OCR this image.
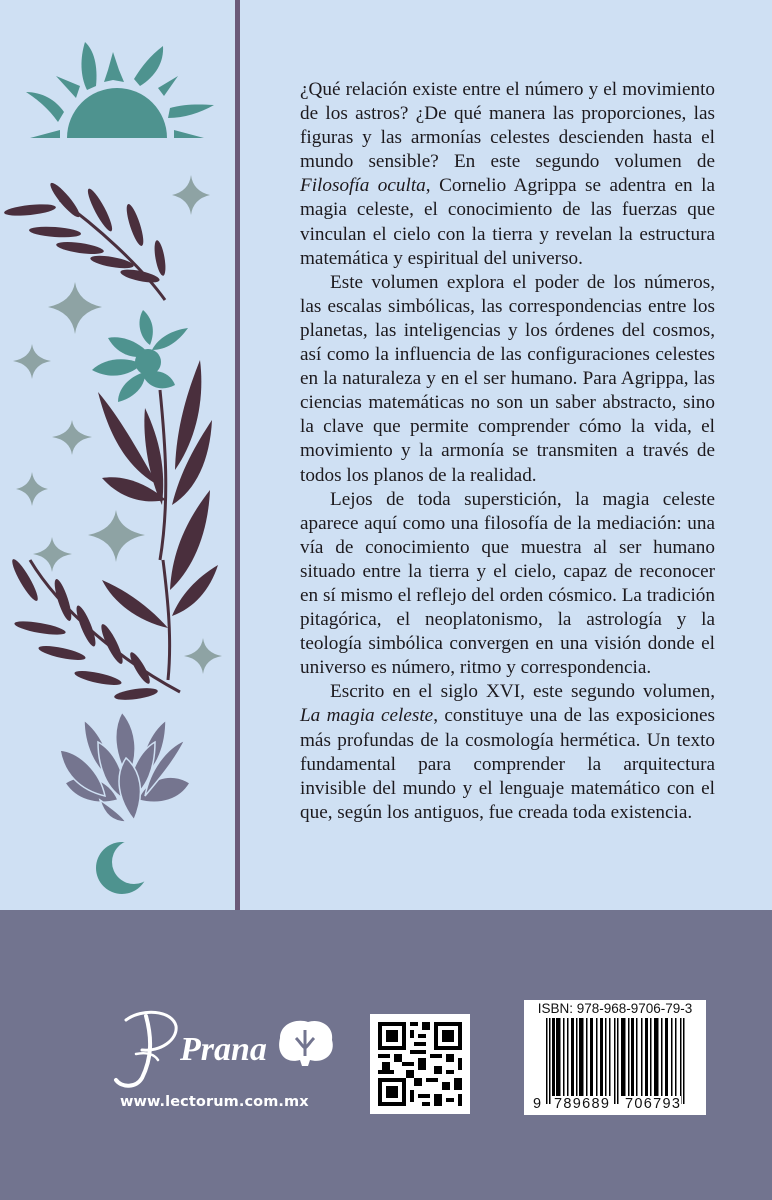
¿Qué relación existe entre el número y el movimiento de los astros? ¿De qué manera las proporciones, las figuras y las armonías celestes descienden hasta el mundo sensible? En este segundo volumen de Filosofía oculta, Cornelio Agrippa se adentra en la magia celeste, el conocimiento de las fuerzas que vinculan el cielo con la tierra y revelan la estructura matemática y espiritual del universo.

Este volumen explora el poder de los números, las escalas simbólicas, las correspondencias entre los planetas, las inteligencias y los órdenes del cosmos, así como la influencia de las configuraciones celestes en la naturaleza y en el ser humano. Para Agrippa, las ciencias matemáticas no son un saber abstracto, sino la clave que permite comprender cómo la vida, el movimiento y la armonía se transmiten a través de todos los planos de la realidad.

Lejos de toda superstición, la magia celeste aparece aquí como una filosofía de la mediación: una vía de conocimiento que muestra al ser humano situado entre la tierra y el cielo, capaz de reconocer en sí mismo el reflejo del orden cósmico. La tradición pitagórica, el neoplatonismo, la astrología y la teología simbólica convergen en una visión donde el universo es número, ritmo y correspondencia.

Escrito en el siglo XVI, este segundo volumen, La magia celeste, constituye una de las exposiciones más profundas de la cosmología hermética. Un texto fundamental para comprender la arquitectura invisible del mundo y el lenguaje matemático con el que, según los antiguos, fue creada toda existencia.

Prana
www.lectorum.com.mx
ISBN: 978-968-9706-79-3
9 789689 706793
